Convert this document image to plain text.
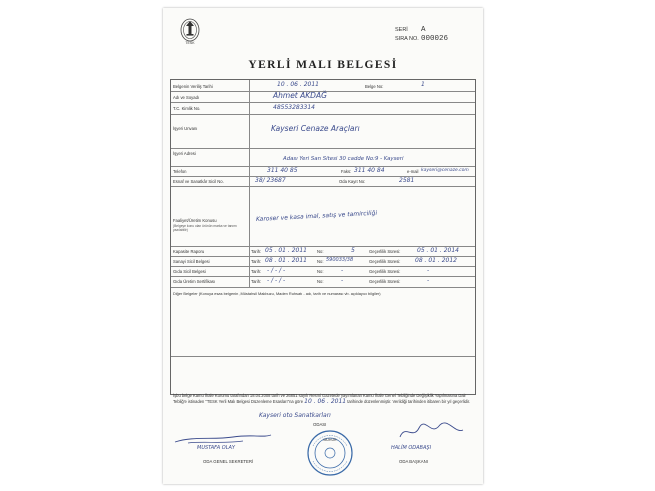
TESK
SERİ A
SIRA NO. 000026
YERLİ MALI BELGESİ
Belgenin Veriliş Tarihi	10 . 06 . 2011	Belge No:	1
Adı ve Soyadı	Ahmet AKDAĞ
T.C. Kimlik No.	48553283314
İşyeri Unvanı	Kayseri Cenaze Araçları
İşyeri Adresi
Adası Yeri San Sitesi 30 cadde No:9 - Kayseri
Telefon	311 40 85	Faks: 311 40 84	e-mail kayseri@cenaze.com
Esnaf ve Sanatkâr Sicil No.	38/ 23687	Oda Kayıt No:	2581
Faaliyet/Üretim Konusu
(Belgeye konu olan ürünün marka ve tanımı yazılabilir)
Karoser ve kasa imal, satış ve tamirciliği
Kapasite Raporu	Tarih: 05 . 01 . 2011 No:	5	Geçerlilik Süresi:	05 . 01 . 2014
Sanayi Sicil Belgesi	Tarih: 08 . 01 . 2011 No: 590033/38	Geçerlilik Süresi: 08 . 01 . 2012
Gıda Sicil Belgesi	Tarih: - / - / -	No:	-	Geçerlilik Süresi:	-
Gıda Üretim Sertifikası	Tarih: - / - / -	No:	-	Geçerlilik Süresi:	-
Diğer Belgeler (Konuya esas belgenin ,Müstahsil Makbuzu, Maden Ruhsatı - adı, tarih ve numarası vb. açıklayıcı bilgiler)
İşbu belge Kamu İhale Kurumu tarafından 18.04.2008 tarih ve 26851 sayılı Resmi Gazetede yayımlanan Kamu İhale Genel Tebliğinde Değişiklik Yapılmasına Dair Tebliğ'e istinaden "TESK Yerli Malı Belgesi Düzenleme Esasları"na göre 10 . 06 . 2011 tarihinde düzenlenmiştir. Verildiği tarihinden itibaren bir yıl geçerlidir.
Kayseri oto Sanatkarları
ODASI
MUSTAFA OLAY
ODA GENEL SEKRETERİ
MÜHÜR
HALİM ODABAŞI
ODA BAŞKANI
